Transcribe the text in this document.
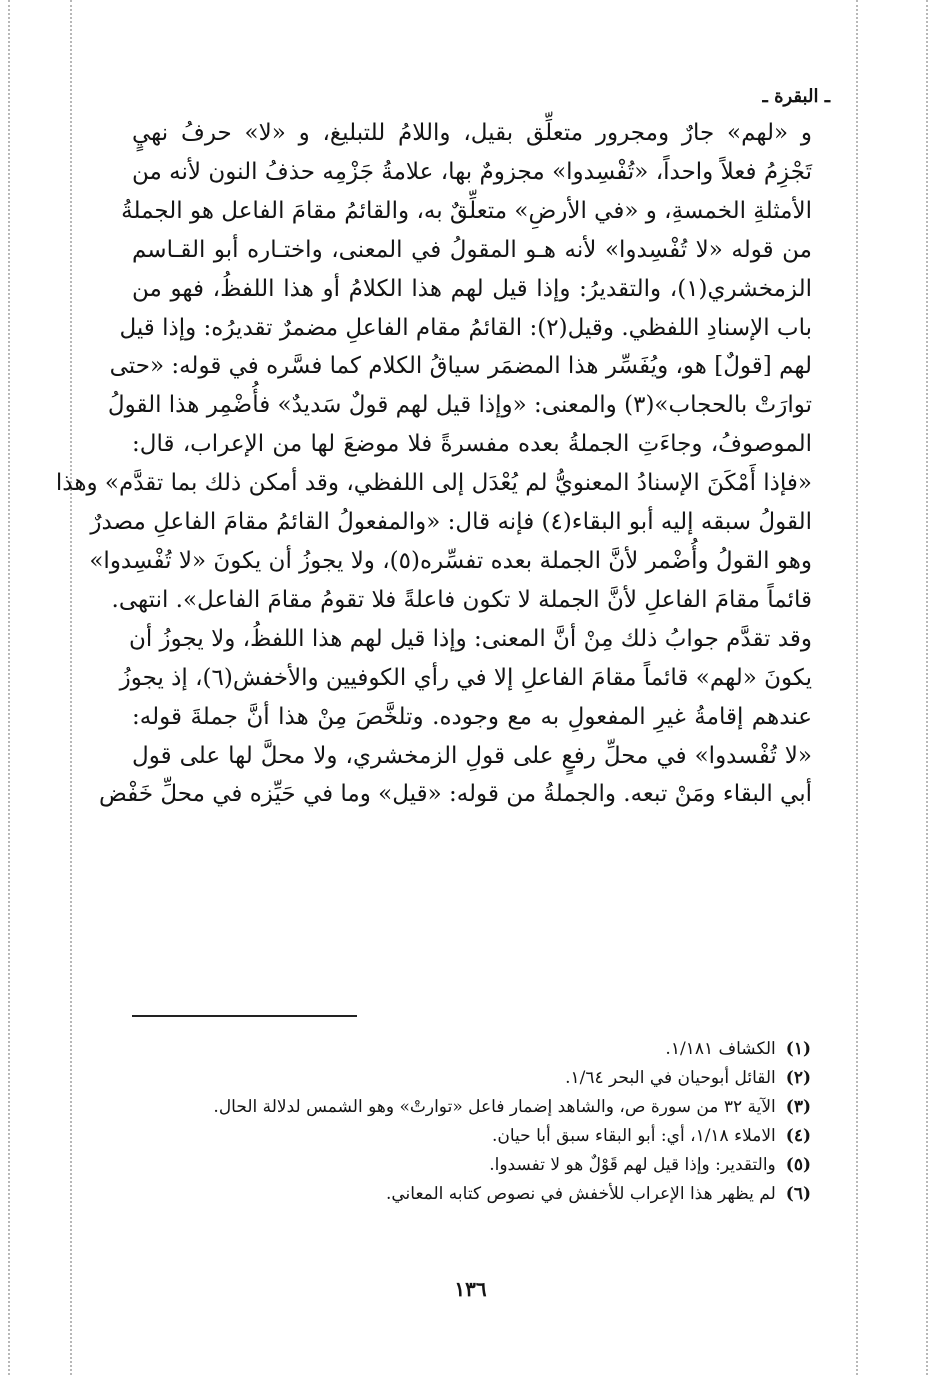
ـ البقرة ـ
و «لهم» جارٌ ومجرور متعلِّق بقيل، واللامُ للتبليغ، و «لا» حرفُ نهيٍ
تَجْزِمُ فعلاً واحداً، «تُفْسِدوا» مجزومٌ بها، علامةُ جَزْمِه حذفُ النون لأنه من
الأمثلةِ الخمسةِ، و «في الأرضِ» متعلِّقٌ به، والقائمُ مقامَ الفاعل هو الجملةُ
من قوله «لا تُفْسِدوا» لأنه هـو المقولُ في المعنى، واختـاره أبو القـاسم
الزمخشري(١)، والتقديرُ: وإذا قيل لهم هذا الكلامُ أو هذا اللفظُ، فهو من
باب الإسنادِ اللفظي. وقيل(٢): القائمُ مقام الفاعلِ مضمرٌ تقديرُه: وإذا قيل
لهم [قولٌ] هو، ويُفَسِّر هذا المضمَر سياقُ الكلام كما فسَّره في قوله: «حتى
توارَتْ بالحجاب»(٣) والمعنى: «وإذا قيل لهم قولٌ سَديدٌ» فأُضْمِر هذا القولُ
الموصوفُ، وجاءَتِ الجملةُ بعده مفسرةً فلا موضعَ لها من الإعراب، قال:
«فإذا أَمْكَنَ الإسنادُ المعنويُّ لم يُعْدَل إلى اللفظي، وقد أمكن ذلك بما تقدَّم» وهذا
القولُ سبقه إليه أبو البقاء(٤) فإنه قال: «والمفعولُ القائمُ مقامَ الفاعلِ مصدرٌ
وهو القولُ وأُضْمر لأنَّ الجملة بعده تفسِّره(٥)، ولا يجوزُ أن يكونَ «لا تُفْسِدوا»
قائماً مقامَ الفاعلِ لأنَّ الجملة لا تكون فاعلةً فلا تقومُ مقامَ الفاعل». انتهى.
وقد تقدَّم جوابُ ذلك مِنْ أنَّ المعنى: وإذا قيل لهم هذا اللفظُ، ولا يجوزُ أن
يكونَ «لهم» قائماً مقامَ الفاعلِ إلا في رأي الكوفيين والأخفش(٦)، إذ يجوزُ
عندهم إقامةُ غيرِ المفعولِ به مع وجوده. وتلخَّصَ مِنْ هذا أنَّ جملةَ قوله:
«لا تُفْسدوا» في محلِّ رفعٍ على قولِ الزمخشري، ولا محلَّ لها على قول
أبي البقاء ومَنْ تبعه. والجملةُ من قوله: «قيل» وما في حَيِّزه في محلِّ خَفْض
(١)الكشاف ١/١٨١.
(٢)القائل أبوحيان في البحر ١/٦٤.
(٣)الآية ٣٢ من سورة ص، والشاهد إضمار فاعل «توارتْ» وهو الشمس لدلالة الحال.
(٤)الاملاء ١/١٨، أي: أبو البقاء سبق أبا حيان.
(٥)والتقدير: وإذا قيل لهم قَوْلٌ هو لا تفسدوا.
(٦)لم يظهر هذا الإعراب للأخفش في نصوص كتابه المعاني.
١٣٦
